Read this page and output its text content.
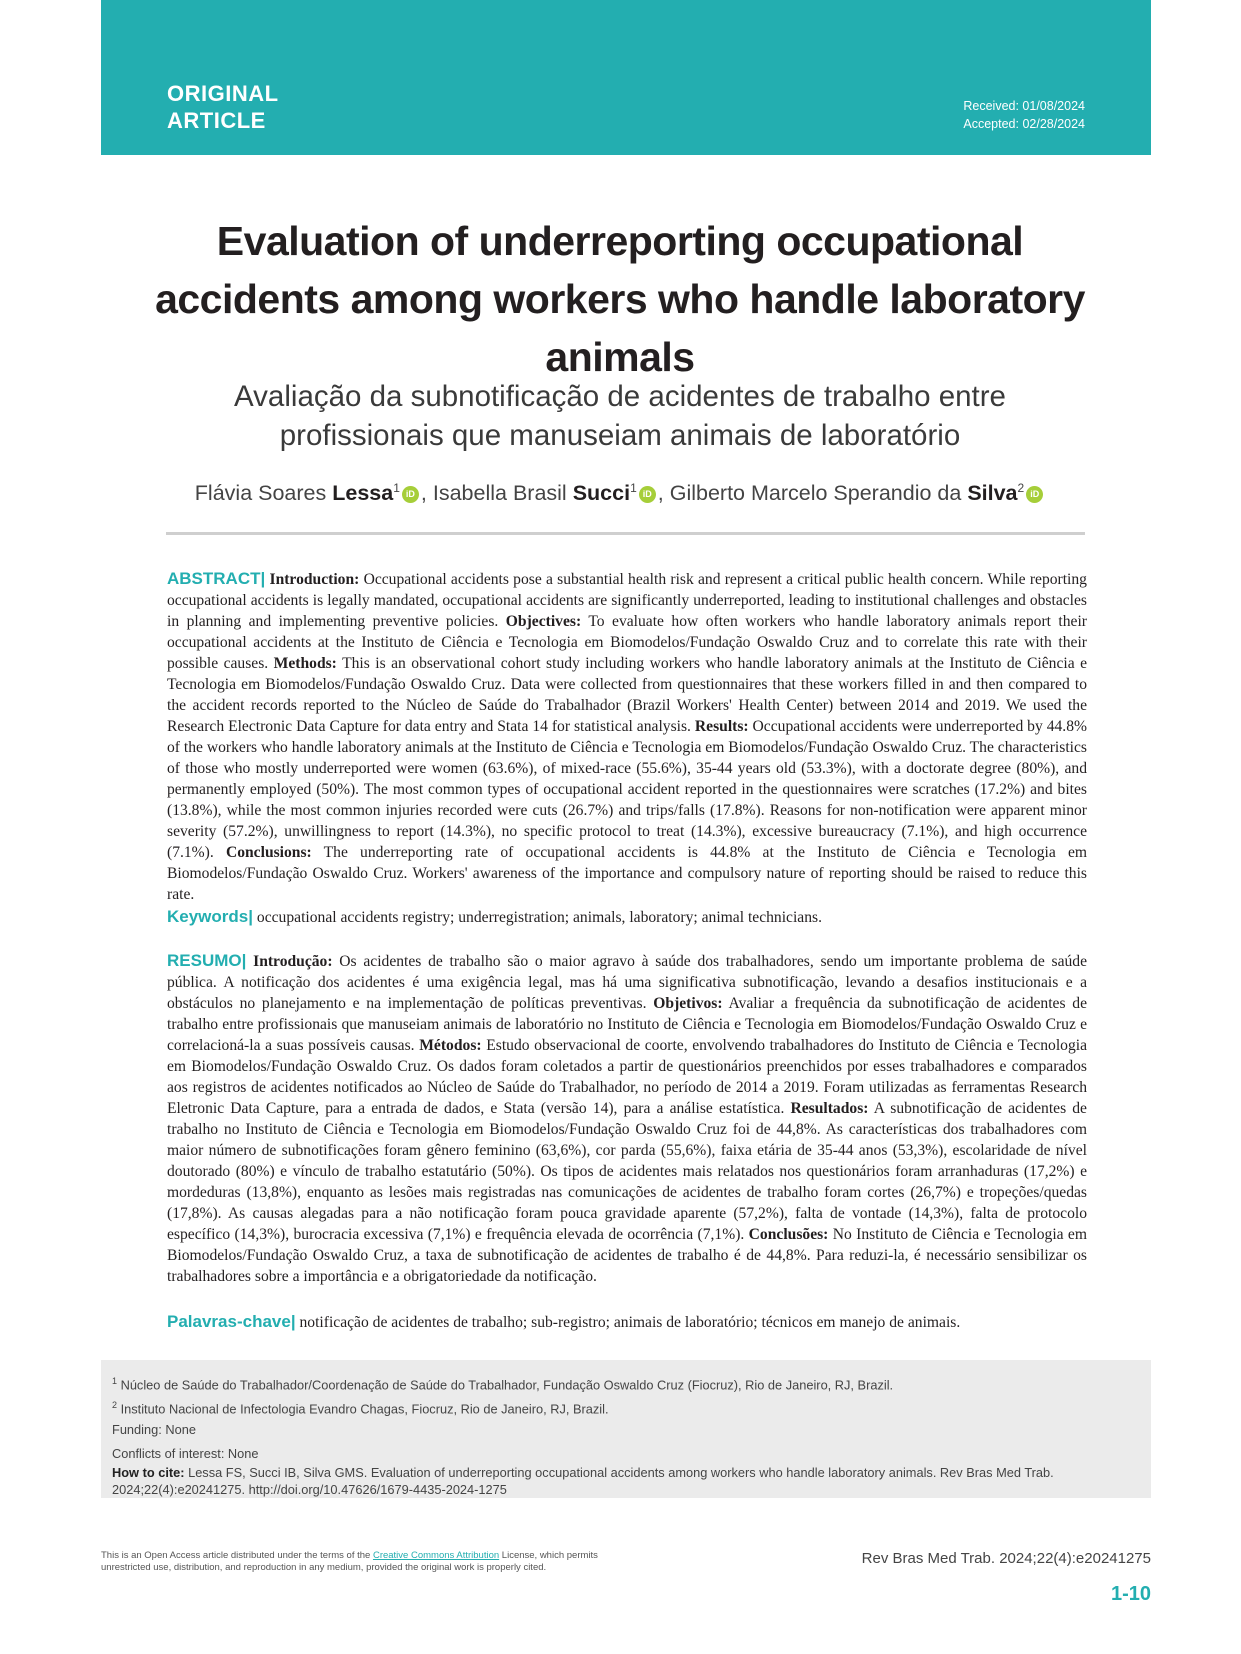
ORIGINAL
ARTICLE
Received: 01/08/2024
Accepted: 02/28/2024
Evaluation of underreporting occupational accidents among workers who handle laboratory animals
Avaliação da subnotificação de acidentes de trabalho entre profissionais que manuseiam animais de laboratório
Flávia Soares Lessa$^1$ iD , Isabella Brasil Succi$^1$ iD , Gilberto Marcelo Sperandio da Silva$^2$ iD
ABSTRACT| Introduction: Occupational accidents pose a substantial health risk and represent a critical public health concern. While reporting occupational accidents is legally mandated, occupational accidents are significantly underreported, leading to institutional challenges and obstacles in planning and implementing preventive policies. Objectives: To evaluate how often workers who handle laboratory animals report their occupational accidents at the Instituto de Ciência e Tecnologia em Biomodelos/Fundação Oswaldo Cruz and to correlate this rate with their possible causes. Methods: This is an observational cohort study including workers who handle laboratory animals at the Instituto de Ciência e Tecnologia em Biomodelos/Fundação Oswaldo Cruz. Data were collected from questionnaires that these workers filled in and then compared to the accident records reported to the Núcleo de Saúde do Trabalhador (Brazil Workers' Health Center) between 2014 and 2019. We used the Research Electronic Data Capture for data entry and Stata 14 for statistical analysis. Results: Occupational accidents were underreported by 44.8% of the workers who handle laboratory animals at the Instituto de Ciência e Tecnologia em Biomodelos/Fundação Oswaldo Cruz. The characteristics of those who mostly underreported were women (63.6%), of mixed-race (55.6%), 35-44 years old (53.3%), with a doctorate degree (80%), and permanently employed (50%). The most common types of occupational accident reported in the questionnaires were scratches (17.2%) and bites (13.8%), while the most common injuries recorded were cuts (26.7%) and trips/falls (17.8%). Reasons for non-notification were apparent minor severity (57.2%), unwillingness to report (14.3%), no specific protocol to treat (14.3%), excessive bureaucracy (7.1%), and high occurrence (7.1%). Conclusions: The underreporting rate of occupational accidents is 44.8% at the Instituto de Ciência e Tecnologia em Biomodelos/Fundação Oswaldo Cruz. Workers' awareness of the importance and compulsory nature of reporting should be raised to reduce this rate.
Keywords| occupational accidents registry; underregistration; animals, laboratory; animal technicians.
RESUMO| Introdução: Os acidentes de trabalho são o maior agravo à saúde dos trabalhadores, sendo um importante problema de saúde pública. A notificação dos acidentes é uma exigência legal, mas há uma significativa subnotificação, levando a desafios institucionais e a obstáculos no planejamento e na implementação de políticas preventivas. Objetivos: Avaliar a frequência da subnotificação de acidentes de trabalho entre profissionais que manuseiam animais de laboratório no Instituto de Ciência e Tecnologia em Biomodelos/Fundação Oswaldo Cruz e correlacioná-la a suas possíveis causas. Métodos: Estudo observacional de coorte, envolvendo trabalhadores do Instituto de Ciência e Tecnologia em Biomodelos/Fundação Oswaldo Cruz. Os dados foram coletados a partir de questionários preenchidos por esses trabalhadores e comparados aos registros de acidentes notificados ao Núcleo de Saúde do Trabalhador, no período de 2014 a 2019. Foram utilizadas as ferramentas Research Eletronic Data Capture, para a entrada de dados, e Stata (versão 14), para a análise estatística. Resultados: A subnotificação de acidentes de trabalho no Instituto de Ciência e Tecnologia em Biomodelos/Fundação Oswaldo Cruz foi de 44,8%. As características dos trabalhadores com maior número de subnotificações foram gênero feminino (63,6%), cor parda (55,6%), faixa etária de 35-44 anos (53,3%), escolaridade de nível doutorado (80%) e vínculo de trabalho estatutário (50%). Os tipos de acidentes mais relatados nos questionários foram arranhaduras (17,2%) e mordeduras (13,8%), enquanto as lesões mais registradas nas comunicações de acidentes de trabalho foram cortes (26,7%) e tropeções/quedas (17,8%). As causas alegadas para a não notificação foram pouca gravidade aparente (57,2%), falta de vontade (14,3%), falta de protocolo específico (14,3%), burocracia excessiva (7,1%) e frequência elevada de ocorrência (7,1%). Conclusões: No Instituto de Ciência e Tecnologia em Biomodelos/Fundação Oswaldo Cruz, a taxa de subnotificação de acidentes de trabalho é de 44,8%. Para reduzi-la, é necessário sensibilizar os trabalhadores sobre a importância e a obrigatoriedade da notificação.
Palavras-chave| notificação de acidentes de trabalho; sub-registro; animais de laboratório; técnicos em manejo de animais.
$^1$ Núcleo de Saúde do Trabalhador/Coordenação de Saúde do Trabalhador, Fundação Oswaldo Cruz (Fiocruz), Rio de Janeiro, RJ, Brazil.
$^2$ Instituto Nacional de Infectologia Evandro Chagas, Fiocruz, Rio de Janeiro, RJ, Brazil.
Funding: None
Conflicts of interest: None
How to cite: Lessa FS, Succi IB, Silva GMS. Evaluation of underreporting occupational accidents among workers who handle laboratory animals. Rev Bras Med Trab. 2024;22(4):e20241275. http://doi.org/10.47626/1679-4435-2024-1275
This is an Open Access article distributed under the terms of the Creative Commons Attribution License, which permits unrestricted use, distribution, and reproduction in any medium, provided the original work is properly cited.
Rev Bras Med Trab. 2024;22(4):e20241275
1-10
